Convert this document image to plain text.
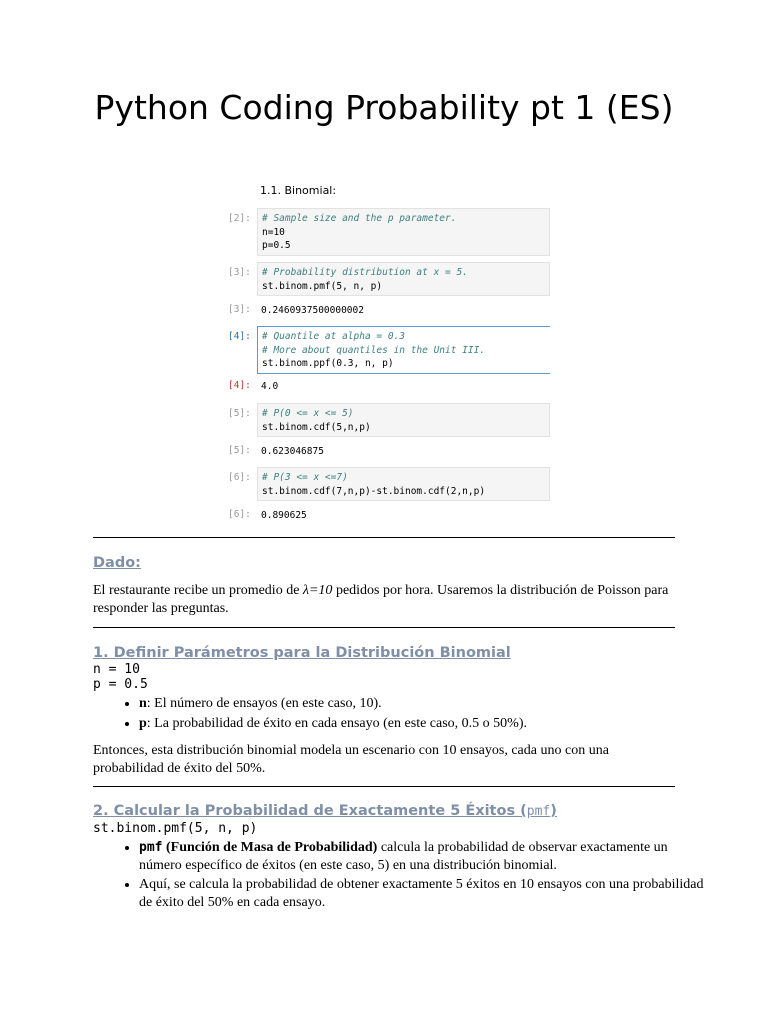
Python Coding Probability pt 1 (ES)
1.1. Binomial:
[2]:	# Sample size and the p parameter.
n=10
p=0.5
[3]:	# Probability distribution at x = 5.
st.binom.pmf(5, n, p)
[3]:	0.2460937500000002
[4]:	# Quantile at alpha = 0.3
# More about quantiles in the Unit III.
st.binom.ppf(0.3, n, p)
[4]:	4.0
[5]:	# P(0 <= x <= 5)
st.binom.cdf(5,n,p)
[5]:	0.623046875
[6]:	# P(3 <= x <=7)
st.binom.cdf(7,n,p)-st.binom.cdf(2,n,p)
[6]:	0.890625
Dado:

El restaurante recibe un promedio de λ=10 pedidos por hora. Usaremos la distribución de Poisson para responder las preguntas.

1. Definir Parámetros para la Distribución Binomial
n = 10
p = 0.5
• n: El número de ensayos (en este caso, 10).
• p: La probabilidad de éxito en cada ensayo (en este caso, 0.5 o 50%).

Entonces, esta distribución binomial modela un escenario con 10 ensayos, cada uno con una probabilidad de éxito del 50%.

2. Calcular la Probabilidad de Exactamente 5 Éxitos (pmf)
st.binom.pmf(5, n, p)
• pmf (Función de Masa de Probabilidad) calcula la probabilidad de observar exactamente un número específico de éxitos (en este caso, 5) en una distribución binomial.
• Aquí, se calcula la probabilidad de obtener exactamente 5 éxitos en 10 ensayos con una probabilidad de éxito del 50% en cada ensayo.
